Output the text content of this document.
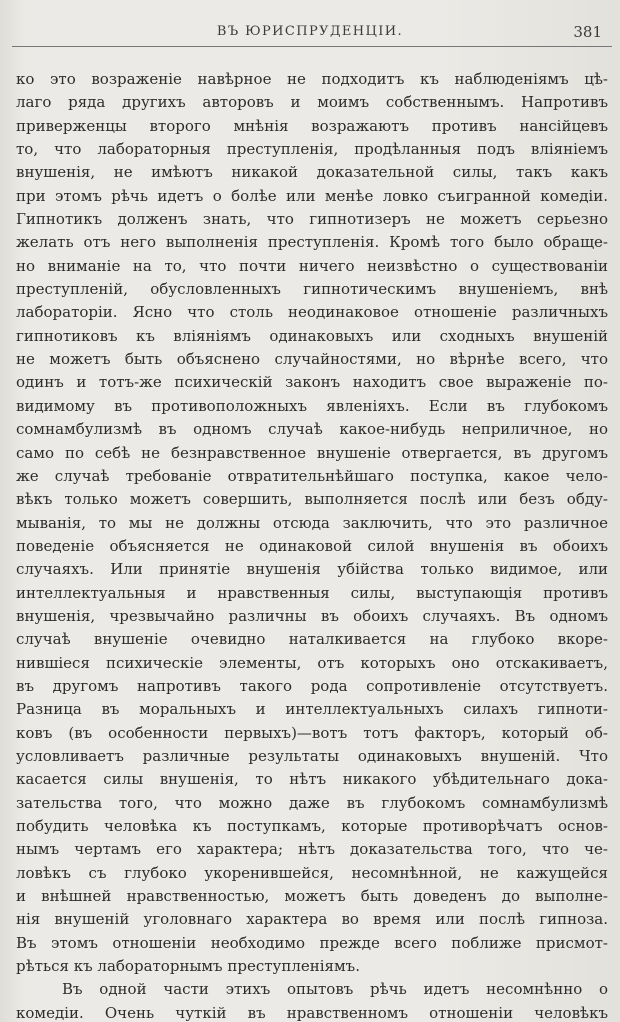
ВЪ ЮРИСПРУДЕНЦІИ.	381
ко это возраженіе навѣрное не подходитъ къ наблюденіямъ цѣ-
лаго ряда другихъ авторовъ и моимъ собственнымъ. Напротивъ
приверженцы второго мнѣнія возражаютъ противъ нансійцевъ
то, что лабораторныя преступленія, продѣланныя подъ вліяніемъ
внушенія, не имѣютъ никакой доказательной силы, такъ какъ
при этомъ рѣчь идетъ о болѣе или менѣе ловко съигранной комедіи.
Гипнотикъ долженъ знать, что гипнотизеръ не можетъ серьезно
желать отъ него выполненія преступленія. Кромѣ того было обраще-
но вниманіе на то, что почти ничего неизвѣстно о существованіи
преступленій, обусловленныхъ гипнотическимъ внушеніемъ, внѣ
лабораторіи. Ясно что столь неодинаковое отношеніе различныхъ
гипнотиковъ къ вліяніямъ одинаковыхъ или сходныхъ внушеній
не можетъ быть объяснено случайностями, но вѣрнѣе всего, что
одинъ и тотъ-же психическій законъ находитъ свое выраженіе по-
видимому въ противоположныхъ явленіяхъ. Если въ глубокомъ
сомнамбулизмѣ въ одномъ случаѣ какое-нибудь неприличное, но
само по себѣ не безнравственное внушеніе отвергается, въ другомъ
же случаѣ требованіе отвратительнѣйшаго поступка, какое чело-
вѣкъ только можетъ совершить, выполняется послѣ или безъ обду-
мыванія, то мы не должны отсюда заключить, что это различное
поведеніе объясняется не одинаковой силой внушенія въ обоихъ
случаяхъ. Или принятіе внушенія убійства только видимое, или
интеллектуальныя и нравственныя силы, выступающія противъ
внушенія, чрезвычайно различны въ обоихъ случаяхъ. Въ одномъ
случаѣ внушеніе очевидно наталкивается на глубоко вкоре-
нившіеся психическіе элементы, отъ которыхъ оно отскакиваетъ,
въ другомъ напротивъ такого рода сопротивленіе отсутствуетъ.
Разница въ моральныхъ и интеллектуальныхъ силахъ гипноти-
ковъ (въ особенности первыхъ)—вотъ тотъ факторъ, который об-
условливаетъ различные результаты одинаковыхъ внушеній. Что
касается силы внушенія, то нѣтъ никакого убѣдительнаго дока-
зательства того, что можно даже въ глубокомъ сомнамбулизмѣ
побудить человѣка къ поступкамъ, которые противорѣчатъ основ-
нымъ чертамъ его характера; нѣтъ доказательства того, что че-
ловѣкъ съ глубоко укоренившейся, несомнѣнной, не кажущейся
и внѣшней нравственностью, можетъ быть доведенъ до выполне-
нія внушеній уголовнаго характера во время или послѣ гипноза.
Въ этомъ отношеніи необходимо прежде всего поближе присмот-
рѣться къ лабораторнымъ преступленіямъ.
Въ одной части этихъ опытовъ рѣчь идетъ несомнѣнно о
комедіи. Очень чуткій въ нравственномъ отношеніи человѣкъ
